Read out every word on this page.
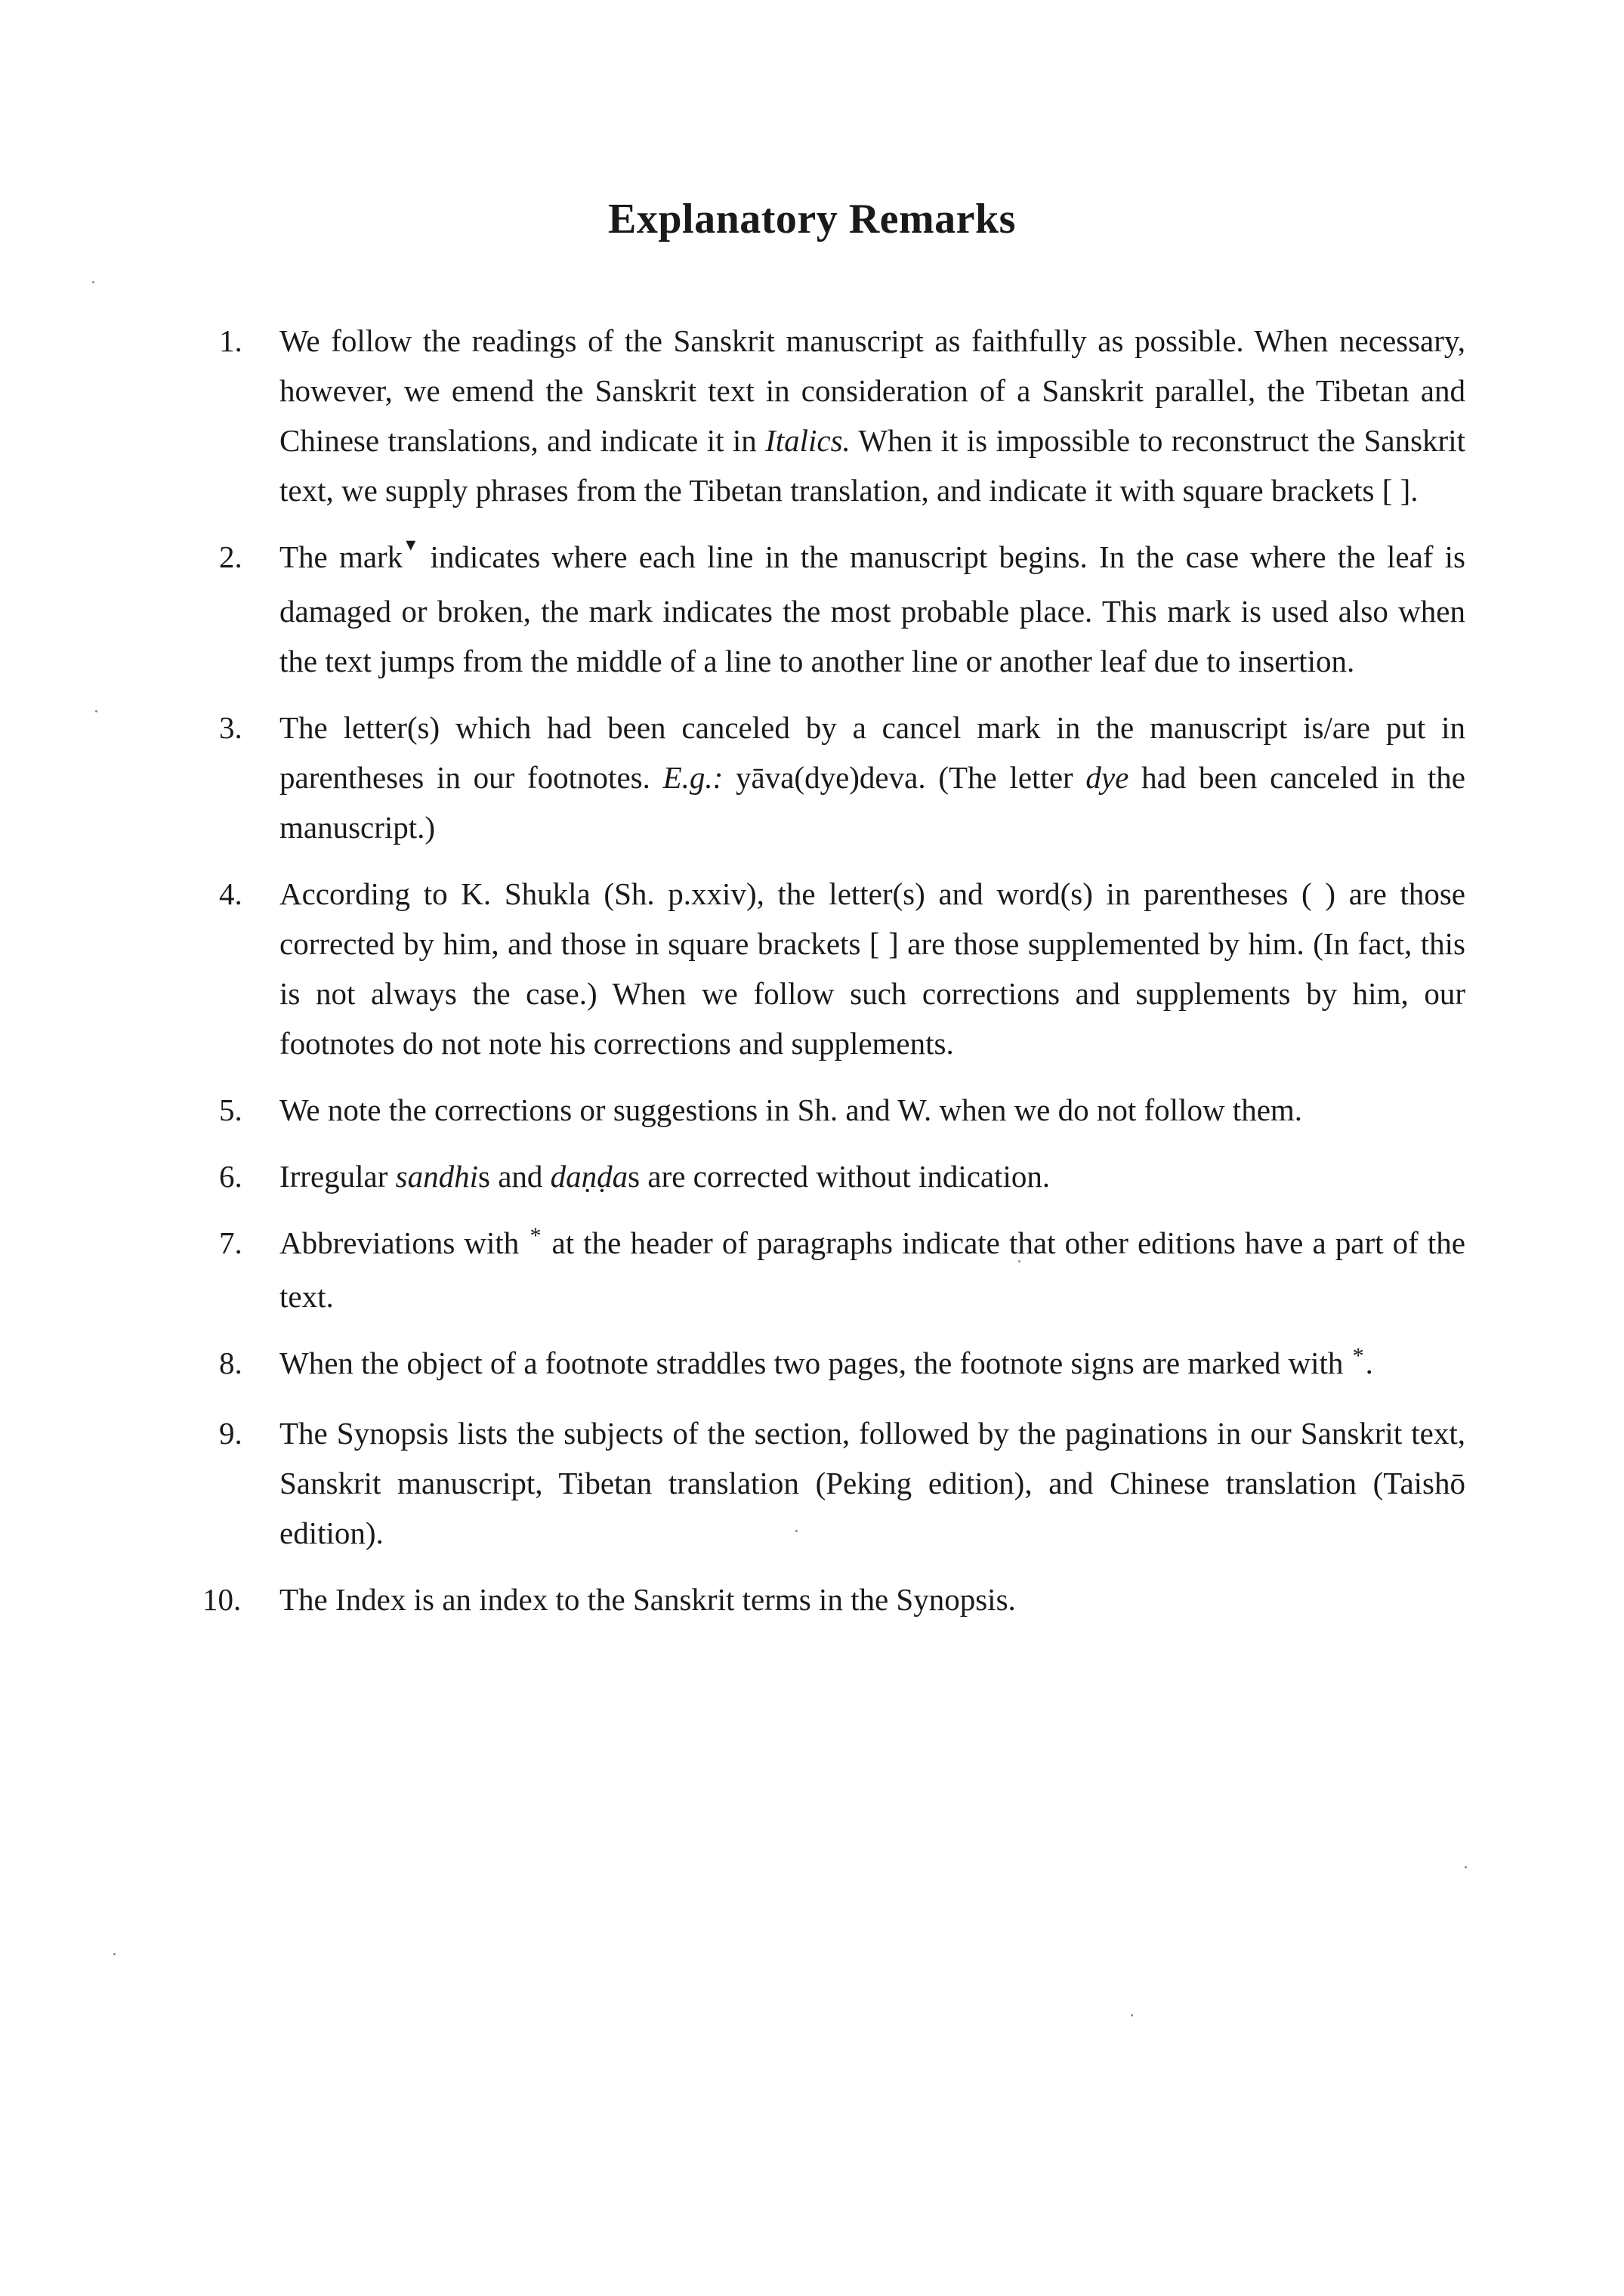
Explanatory Remarks
1.	We follow the readings of the Sanskrit manuscript as faithfully as possible. When necessary, however, we emend the Sanskrit text in consideration of a Sanskrit parallel, the Tibetan and Chinese translations, and indicate it in Italics. When it is impossible to reconstruct the Sanskrit text, we supply phrases from the Tibetan translation, and indicate it with square brackets [ ].
2.	The mark ▾ indicates where each line in the manuscript begins. In the case where the leaf is damaged or broken, the mark indicates the most probable place. This mark is used also when the text jumps from the middle of a line to another line or another leaf due to insertion.
3.	The letter(s) which had been canceled by a cancel mark in the manuscript is/are put in parentheses in our footnotes. E.g.: yāva(dye)deva. (The letter dye had been canceled in the manuscript.)
4.	According to K. Shukla (Sh. p.xxiv), the letter(s) and word(s) in parentheses ( ) are those corrected by him, and those in square brackets [ ] are those supplemented by him. (In fact, this is not always the case.) When we follow such corrections and supplements by him, our footnotes do not note his corrections and supplements.
5.	We note the corrections or suggestions in Sh. and W. when we do not follow them.
6.	Irregular sandhis and daṇḍas are corrected without indication.
7.	Abbreviations with * at the header of paragraphs indicate that other editions have a part of the text.
8.	When the object of a footnote straddles two pages, the footnote signs are marked with *.
9.	The Synopsis lists the subjects of the section, followed by the paginations in our Sanskrit text, Sanskrit manuscript, Tibetan translation (Peking edition), and Chinese translation (Taishō edition).
10. The Index is an index to the Sanskrit terms in the Synopsis.
